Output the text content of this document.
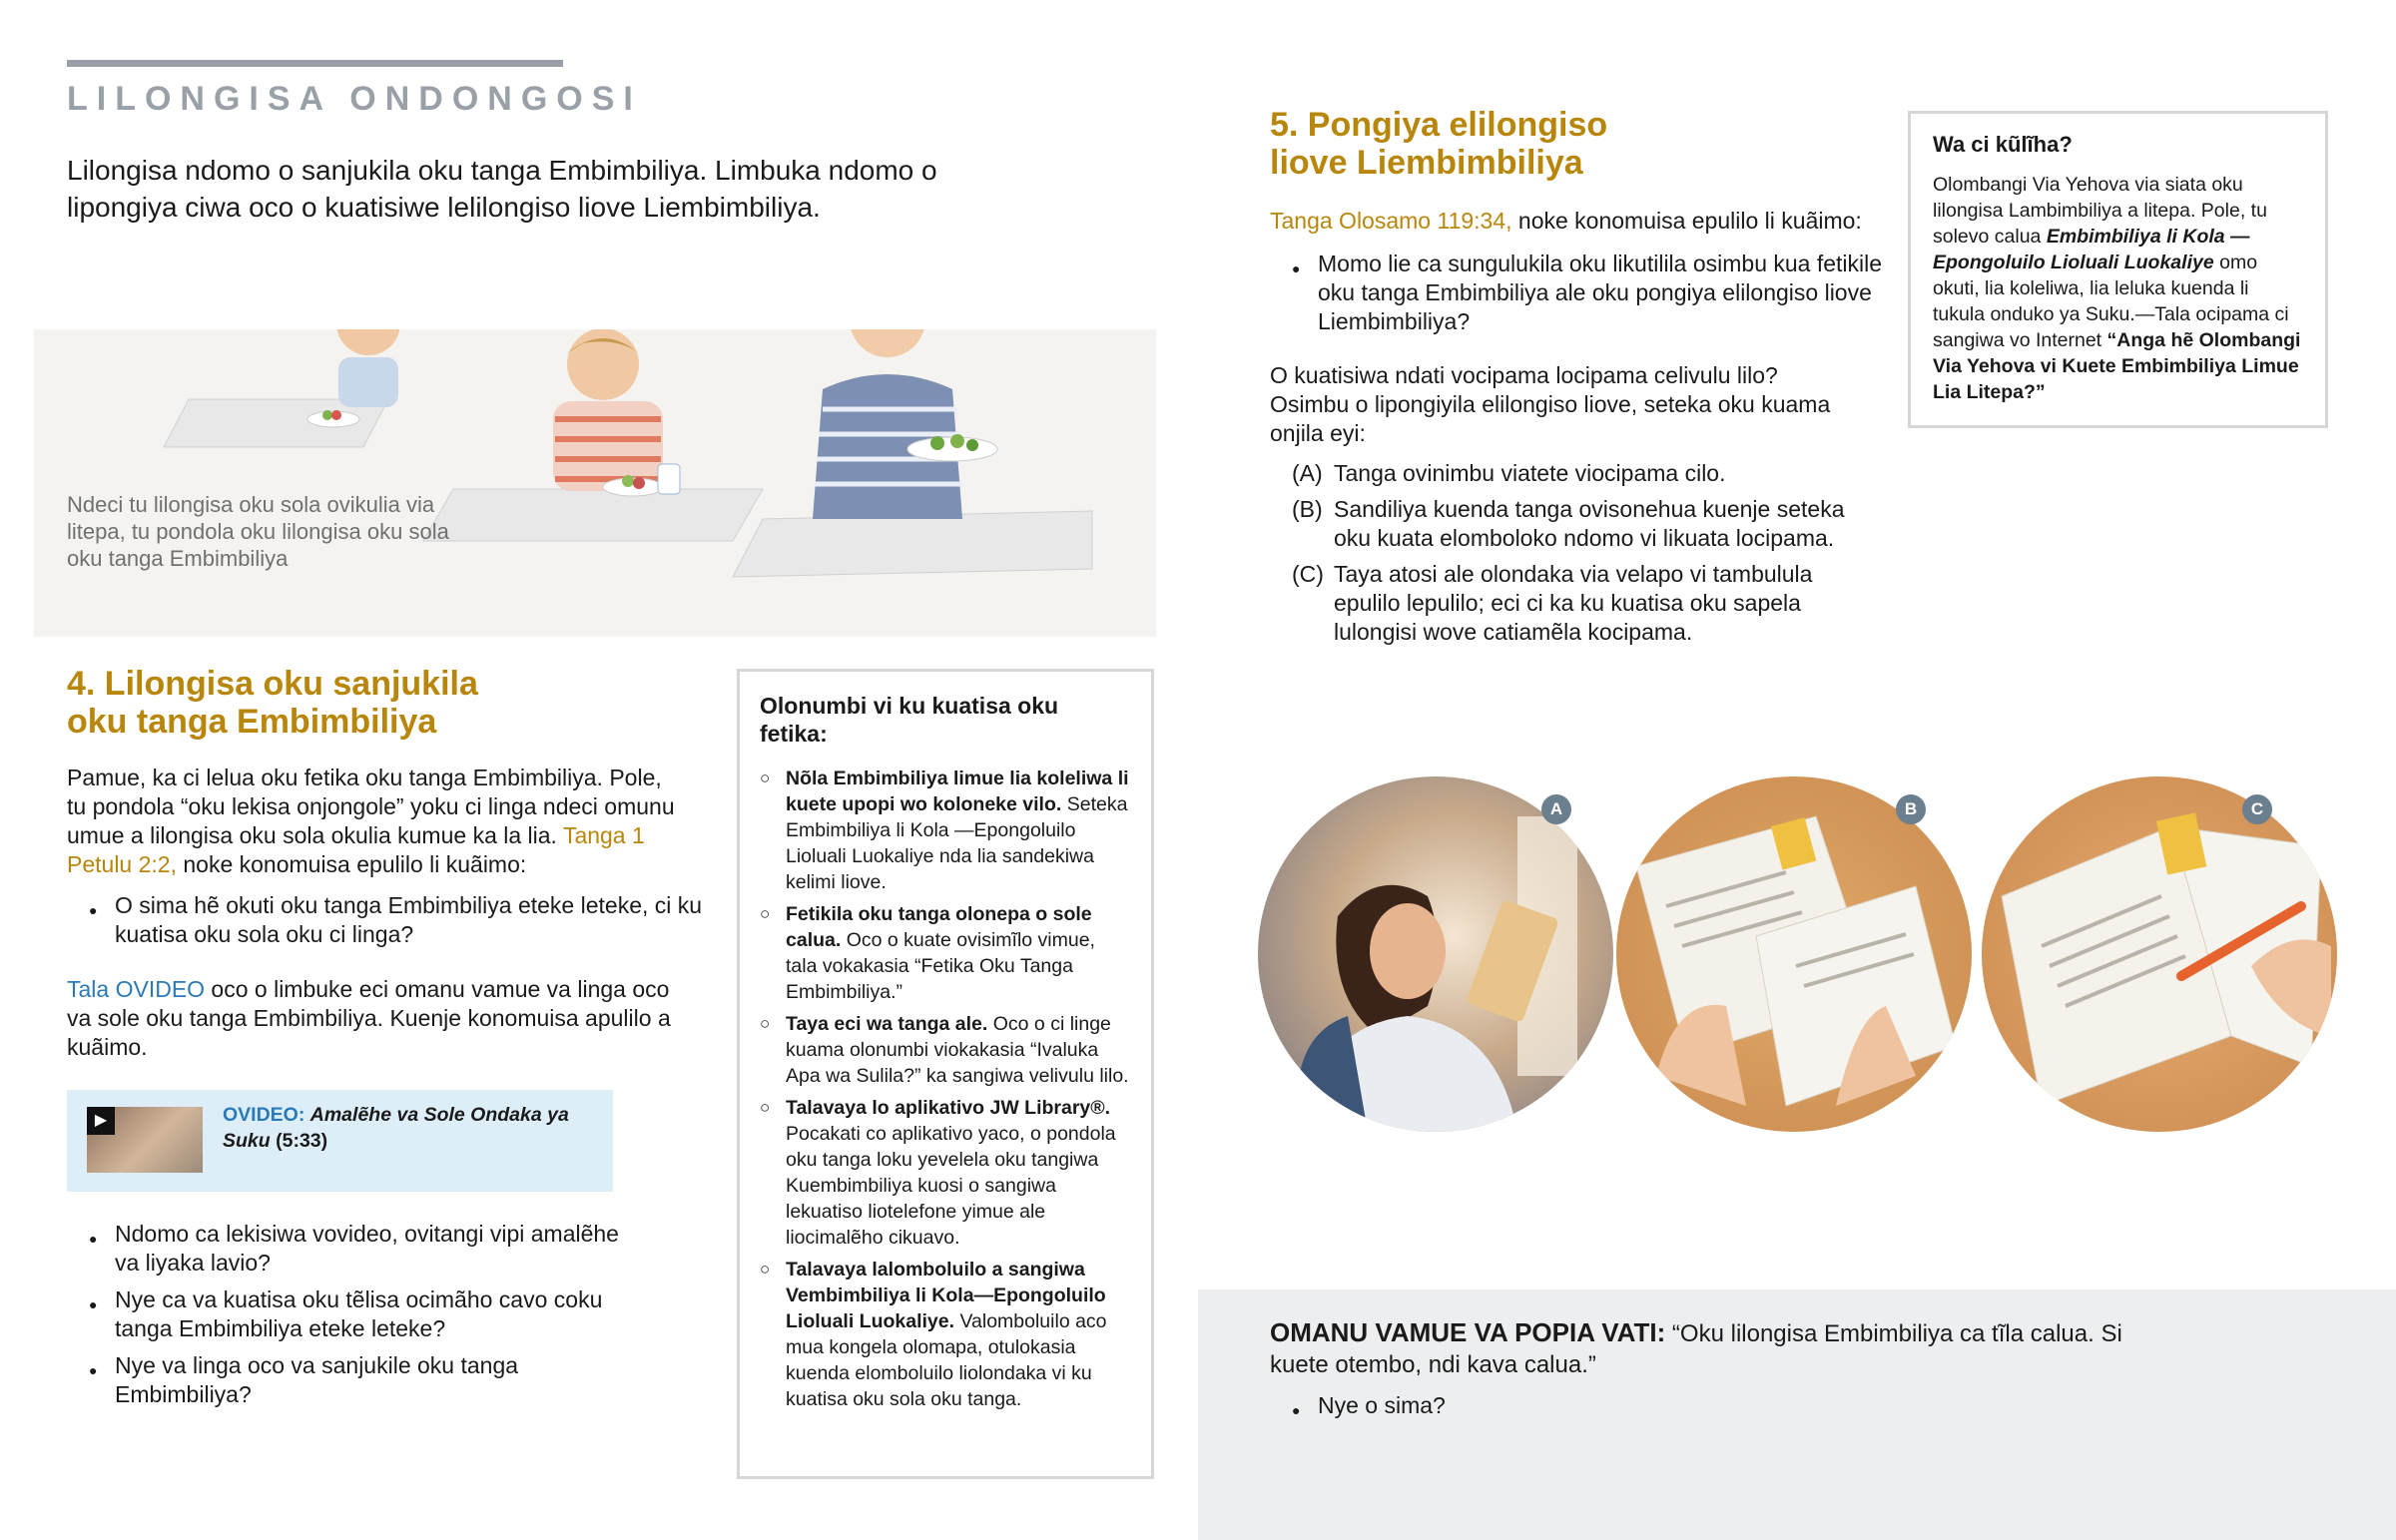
LILONGISA ONDONGOSI
Lilongisa ndomo o sanjukila oku tanga Embimbiliya. Limbuka ndomo o lipongiya ciwa oco o kuatisiwe lelilongiso liove Liembimbiliya.
Ndeci tu lilongisa oku sola ovikulia via litepa, tu pondola oku lilongisa oku sola oku tanga Embimbiliya
4. Lilongisa oku sanjukila
oku tanga Embimbiliya
Pamue, ka ci lelua oku fetika oku tanga Embimbiliya. Pole, tu pondola “oku lekisa onjongole” yoku ci linga ndeci omunu umue a lilongisa oku sola okulia kumue ka la lia. Tanga 1 Petulu 2:2, noke konomuisa epulilo li kuãimo:
● O sima hẽ okuti oku tanga Embimbiliya eteke leteke, ci ku kuatisa oku sola oku ci linga?
Tala OVIDEO oco o limbuke eci omanu vamue va linga oco va sole oku tanga Embimbiliya. Kuenje konomuisa apulilo a kuãimo.
▶	OVIDEO: Amalẽhe va Sole Ondaka ya Suku (5:33)
● Ndomo ca lekisiwa vovideo, ovitangi vipi amalẽhe va liyaka lavio?
● Nye ca va kuatisa oku tẽlisa ocimãho cavo coku tanga Embimbiliya eteke leteke?
● Nye va linga oco va sanjukile oku tanga Embimbiliya?
Olonumbi vi ku kuatisa oku fetika:
○ Nõla Embimbiliya limue lia koleliwa li kuete upopi wo koloneke vilo. Seteka Embimbiliya li Kola —Epongoluilo Lioluali Luokaliye nda lia sandekiwa kelimi liove.
○ Fetikila oku tanga olonepa o sole calua. Oco o kuate ovisimĩlo vimue, tala vokakasia “Fetika Oku Tanga Embimbiliya.”
○ Taya eci wa tanga ale. Oco o ci linge kuama olonumbi viokakasia “Ivaluka Apa wa Sulila?” ka sangiwa velivulu lilo.
○ Talavaya lo aplikativo JW Library®. Pocakati co aplikativo yaco, o pondola oku tanga loku yevelela oku tangiwa Kuembimbiliya kuosi o sangiwa lekuatiso liotelefone yimue ale liocimalẽho cikuavo.
○ Talavaya lalomboluilo a sangiwa Vembimbiliya li Kola—Epongoluilo Lioluali Luokaliye. Valomboluilo aco mua kongela olomapa, otulokasia kuenda elomboluilo liolondaka vi ku kuatisa oku sola oku tanga.
5. Pongiya elilongiso
liove Liembimbiliya
Tanga Olosamo 119:34, noke konomuisa epulilo li kuãimo:
● Momo lie ca sungulukila oku likutilila osimbu kua fetikile oku tanga Embimbiliya ale oku pongiya elilongiso liove Liembimbiliya?
O kuatisiwa ndati vocipama locipama celivulu lilo? Osimbu o lipongiyila elilongiso liove, seteka oku kuama onjila eyi:
(A) Tanga ovinimbu viatete viocipama cilo.
(B) Sandiliya kuenda tanga ovisonehua kuenje seteka oku kuata elomboloko ndomo vi likuata locipama.
(C) Taya atosi ale olondaka via velapo vi tambulula epulilo lepulilo; eci ci ka ku kuatisa oku sapela lulongisi wove catiamẽla kocipama.
Wa ci kũlĩha?
Olombangi Via Yehova via siata oku lilongisa Lambimbiliya a litepa. Pole, tu solevo calua Embimbiliya li Kola —Epongoluilo Lioluali Luokaliye omo okuti, lia koleliwa, lia leluka kuenda li tukula onduko ya Suku.—Tala ocipama ci sangiwa vo Internet “Anga hẽ Olombangi Via Yehova vi Kuete Embimbiliya Limue Lia Litepa?”
A	B	C
OMANU VAMUE VA POPIA VATI: “Oku lilongisa Embimbiliya ca tĩla calua. Si kuete otembo, ndi kava calua.”
● Nye o sima?
